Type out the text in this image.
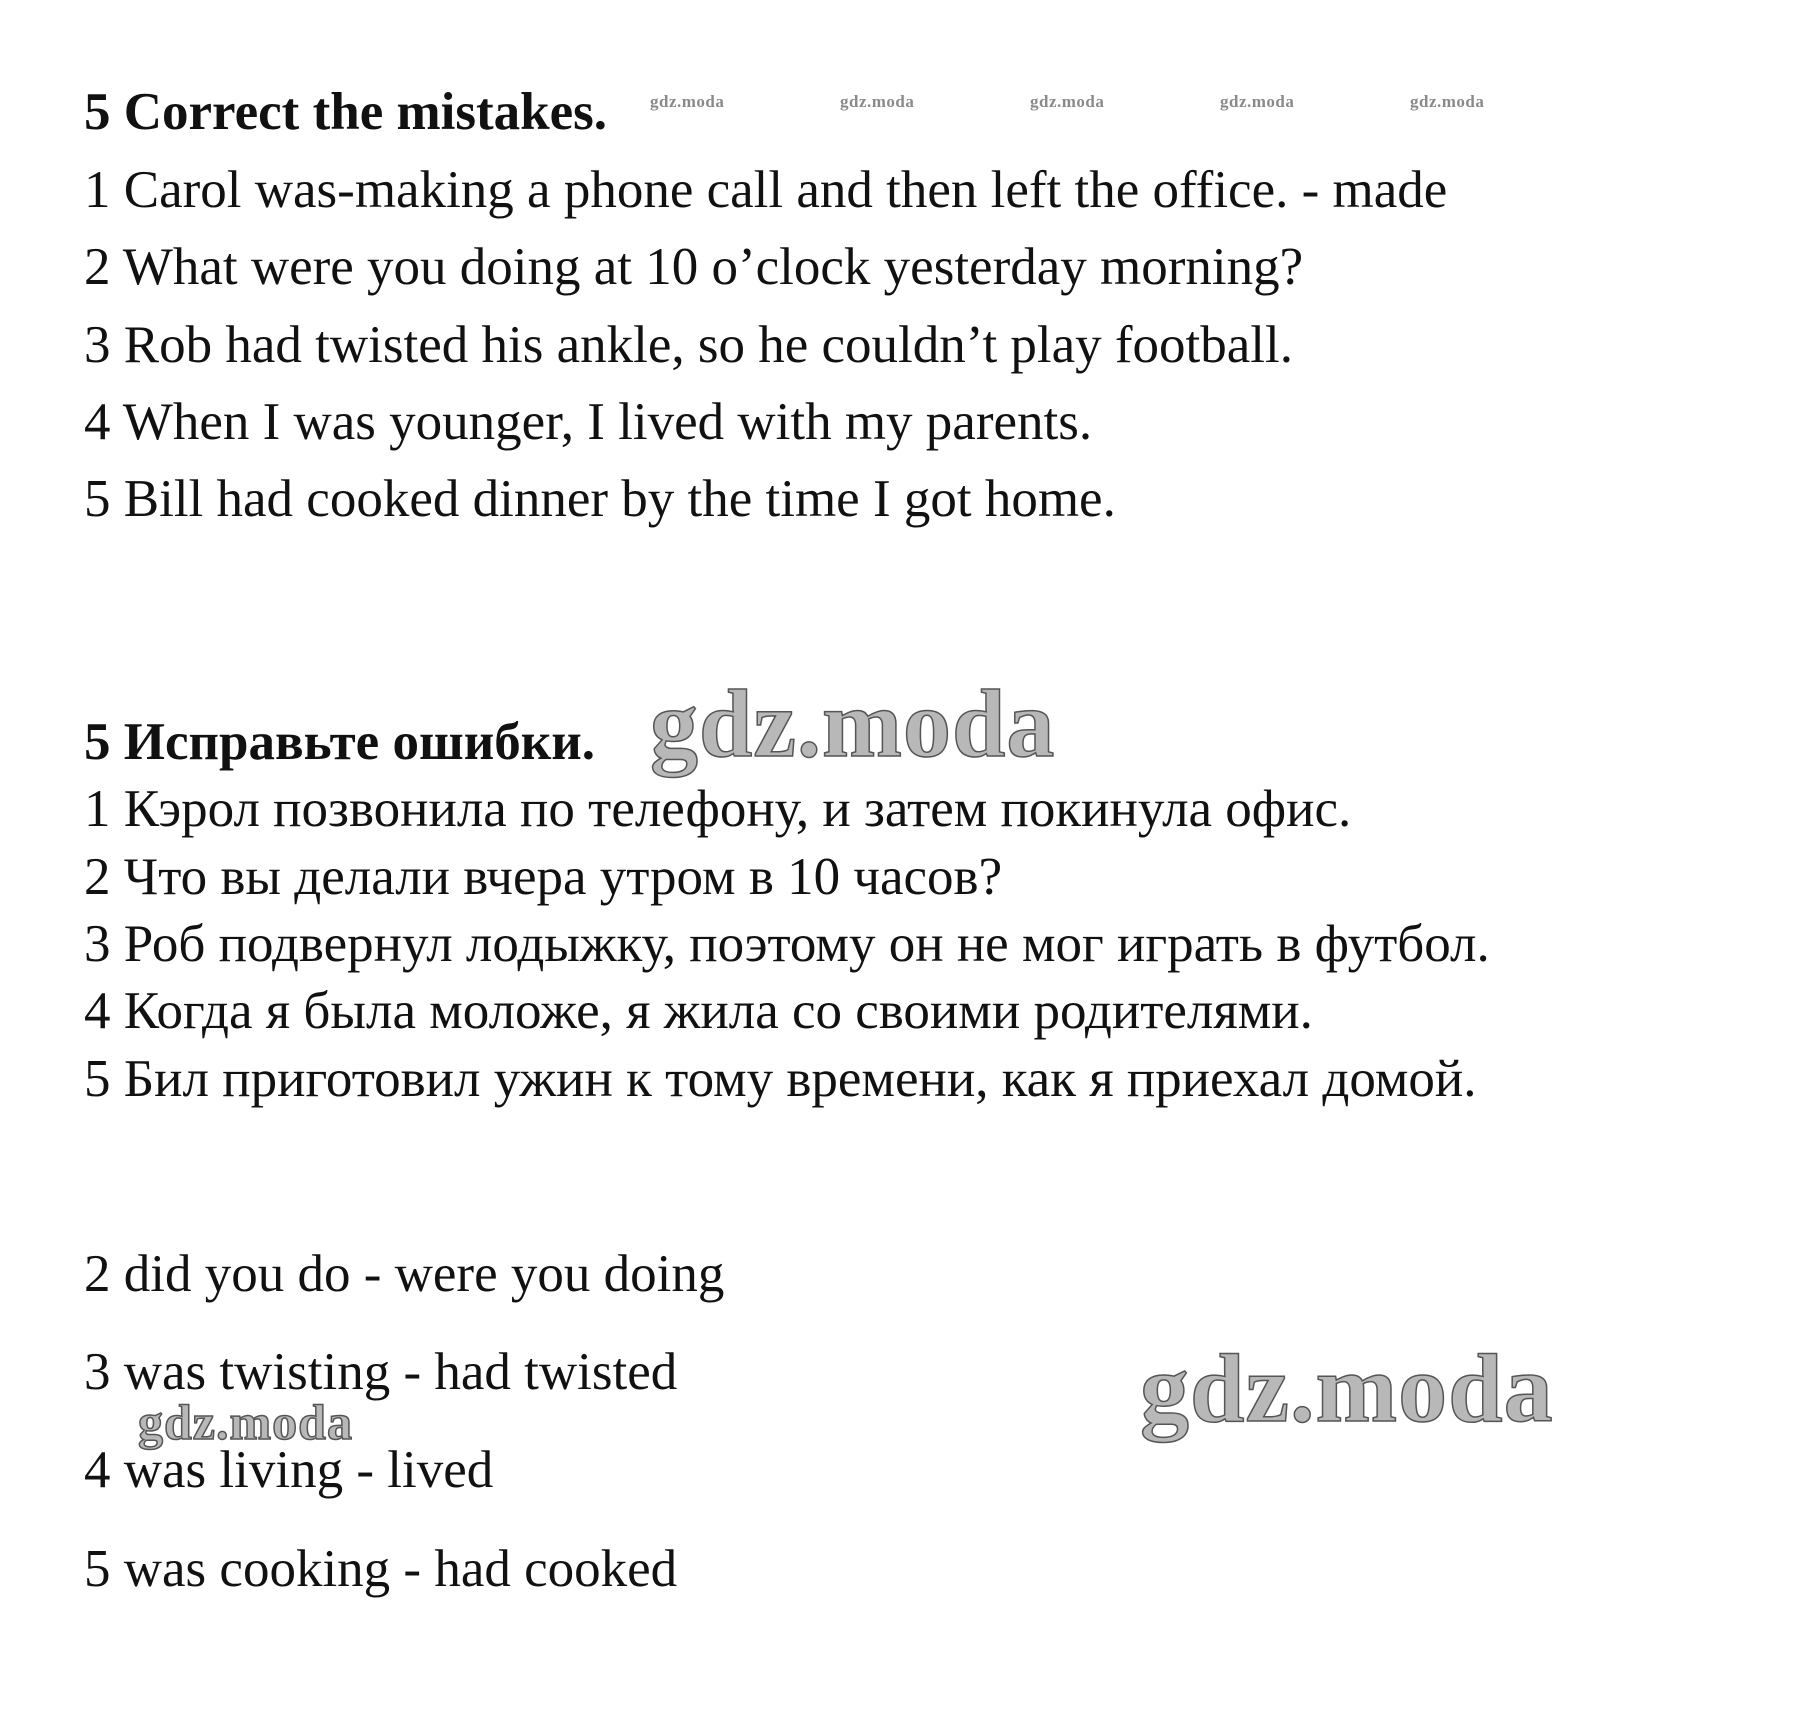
5 Correct the mistakes.
1 Carol was-making a phone call and then left the office. - made
2 What were you doing at 10 o’clock yesterday morning?
3 Rob had twisted his ankle, so he couldn’t play football.
4 When I was younger, I lived with my parents.
5 Bill had cooked dinner by the time I got home.
gdz.moda	gdz.moda	gdz.moda	gdz.moda	gdz.moda
5 Исправьте ошибки. gdz.moda
1 Кэрол позвонила по телефону, и затем покинула офис.
2 Что вы делали вчера утром в 10 часов?
3 Роб подвернул лодыжку, поэтому он не мог играть в футбол.
4 Когда я была моложе, я жила со своими родителями.
5 Бил приготовил ужин к тому времени, как я приехал домой.
2 did you do - were you doing
3 was twisting - had twisted
gdz.moda
4 was living - lived
5 was cooking - had cooked
gdz.moda
